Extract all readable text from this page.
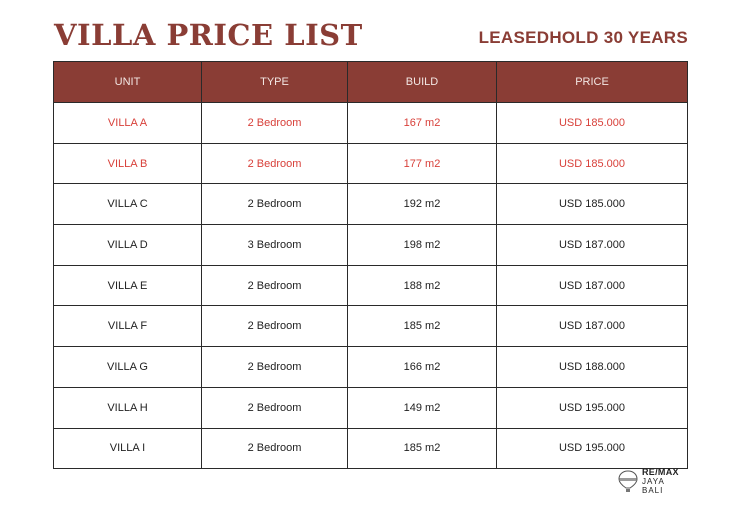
VILLA PRICE LIST	LEASEDHOLD 30 YEARS
UNIT	TYPE	BUILD	PRICE
VILLA A	2 Bedroom	167 m2	USD 185.000
VILLA B	2 Bedroom	177 m2	USD 185.000
VILLA C	2 Bedroom	192 m2	USD 185.000
VILLA D	3 Bedroom	198 m2	USD 187.000
VILLA E	2 Bedroom	188 m2	USD 187.000
VILLA F	2 Bedroom	185 m2	USD 187.000
VILLA G	2 Bedroom	166 m2	USD 188.000
VILLA H	2 Bedroom	149 m2	USD 195.000
VILLA I	2 Bedroom	185 m2	USD 195.000
RE/MAX
JAYA
BALI
